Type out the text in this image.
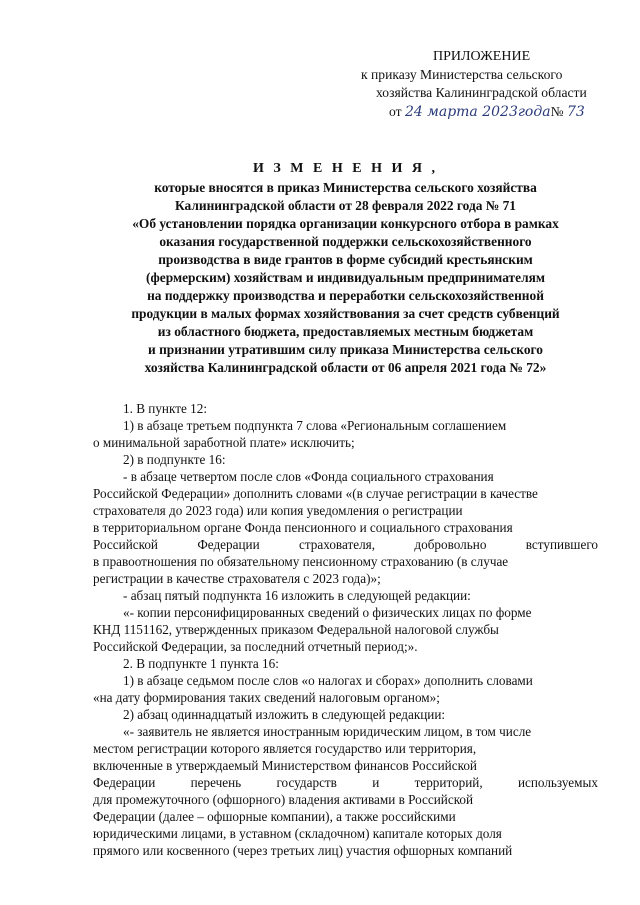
ПРИЛОЖЕНИЕ
к приказу Министерства сельского
хозяйства Калининградской области
от 24 марта 2023года№ 73
И З М Е Н Е Н И Я ,
которые вносятся в приказ Министерства сельского хозяйства
Калининградской области от 28 февраля 2022 года № 71
«Об установлении порядка организации конкурсного отбора в рамках
оказания государственной поддержки сельскохозяйственного
производства в виде грантов в форме субсидий крестьянским
(фермерским) хозяйствам и индивидуальным предпринимателям
на поддержку производства и переработки сельскохозяйственной
продукции в малых формах хозяйствования за счет средств субвенций
из областного бюджета, предоставляемых местным бюджетам
и признании утратившим силу приказа Министерства сельского
хозяйства Калининградской области от 06 апреля 2021 года № 72»
1. В пункте 12:
1) в абзаце третьем подпункта 7 слова «Региональным соглашением
о минимальной заработной плате» исключить;
2) в подпункте 16:
- в абзаце четвертом после слов «Фонда социального страхования
Российской Федерации» дополнить словами «(в случае регистрации в качестве
страхователя до 2023 года) или копия уведомления о регистрации
в территориальном органе Фонда пенсионного и социального страхования
Российской	Федерации	страхователя,	добровольно	вступившего
в правоотношения по обязательному пенсионному страхованию (в случае
регистрации в качестве страхователя с 2023 года)»;
- абзац пятый подпункта 16 изложить в следующей редакции:
«- копии персонифицированных сведений о физических лицах по форме
КНД 1151162, утвержденных приказом Федеральной налоговой службы
Российской Федерации, за последний отчетный период;».
2. В подпункте 1 пункта 16:
1) в абзаце седьмом после слов «о налогах и сборах» дополнить словами
«на дату формирования таких сведений налоговым органом»;
2) абзац одиннадцатый изложить в следующей редакции:
«- заявитель не является иностранным юридическим лицом, в том числе
местом регистрации которого является государство или территория,
включенные в утверждаемый Министерством финансов Российской
Федерации	перечень	государств	и	территорий,	используемых
для промежуточного (офшорного) владения активами в Российской
Федерации (далее – офшорные компании), а также российскими
юридическими лицами, в уставном (складочном) капитале которых доля
прямого или косвенного (через третьих лиц) участия офшорных компаний
